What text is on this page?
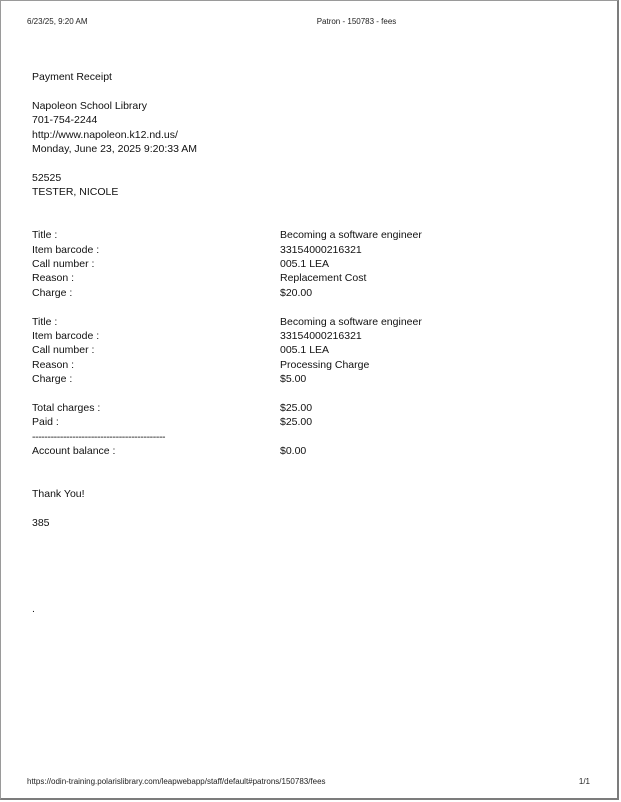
6/23/25, 9:20 AM	Patron - 150783 - fees
Payment Receipt
Napoleon School Library
701-754-2244
http://www.napoleon.k12.nd.us/
Monday, June 23, 2025 9:20:33 AM
52525
TESTER, NICOLE
Title :	Becoming a software engineer
Item barcode :	33154000216321
Call number :	005.1 LEA
Reason :	Replacement Cost
Charge :	$20.00
Title :	Becoming a software engineer
Item barcode :	33154000216321
Call number :	005.1 LEA
Reason :	Processing Charge
Charge :	$5.00
Total charges :	$25.00
Paid :	$25.00
-------------------------------------------
Account balance :	$0.00
Thank You!
385
.
https://odin-training.polarislibrary.com/leapwebapp/staff/default#patrons/150783/fees	1/1
